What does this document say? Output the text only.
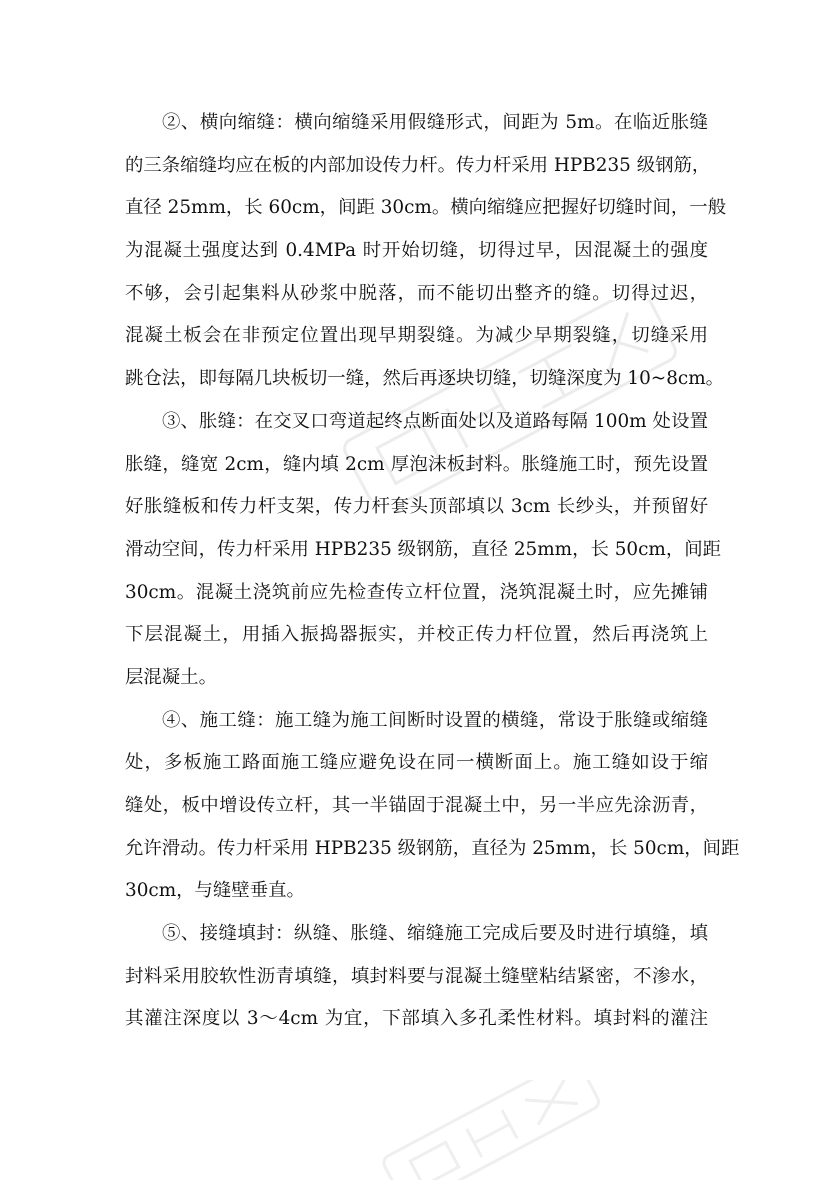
②、横向缩缝：横向缩缝采用假缝形式，间距为 5m。在临近胀缝
的三条缩缝均应在板的内部加设传力杆。传力杆采用 HPB235 级钢筋，
直径 25mm，长 60cm，间距 30cm。横向缩缝应把握好切缝时间，一般
为混凝土强度达到 0.4MPa 时开始切缝，切得过早，因混凝土的强度
不够，会引起集料从砂浆中脱落，而不能切出整齐的缝。切得过迟，
混凝土板会在非预定位置出现早期裂缝。为减少早期裂缝，切缝采用
跳仓法，即每隔几块板切一缝，然后再逐块切缝，切缝深度为 10~8cm。
③、胀缝：在交叉口弯道起终点断面处以及道路每隔 100m 处设置
胀缝，缝宽 2cm，缝内填 2cm 厚泡沫板封料。胀缝施工时，预先设置
好胀缝板和传力杆支架，传力杆套头顶部填以 3cm 长纱头，并预留好
滑动空间，传力杆采用 HPB235 级钢筋，直径 25mm，长 50cm，间距
30cm。混凝土浇筑前应先检查传立杆位置，浇筑混凝土时，应先摊铺
下层混凝土，用插入振捣器振实，并校正传力杆位置，然后再浇筑上
层混凝土。
④、施工缝：施工缝为施工间断时设置的横缝，常设于胀缝或缩缝
处，多板施工路面施工缝应避免设在同一横断面上。施工缝如设于缩
缝处，板中增设传立杆，其一半锚固于混凝土中，另一半应先涂沥青，
允许滑动。传力杆采用 HPB235 级钢筋，直径为 25mm，长 50cm，间距
30cm，与缝壁垂直。
⑤、接缝填封：纵缝、胀缝、缩缝施工完成后要及时进行填缝，填
封料采用胶软性沥青填缝，填封料要与混凝土缝壁粘结紧密，不渗水，
其灌注深度以 3～4cm 为宜，下部填入多孔柔性材料。填封料的灌注
